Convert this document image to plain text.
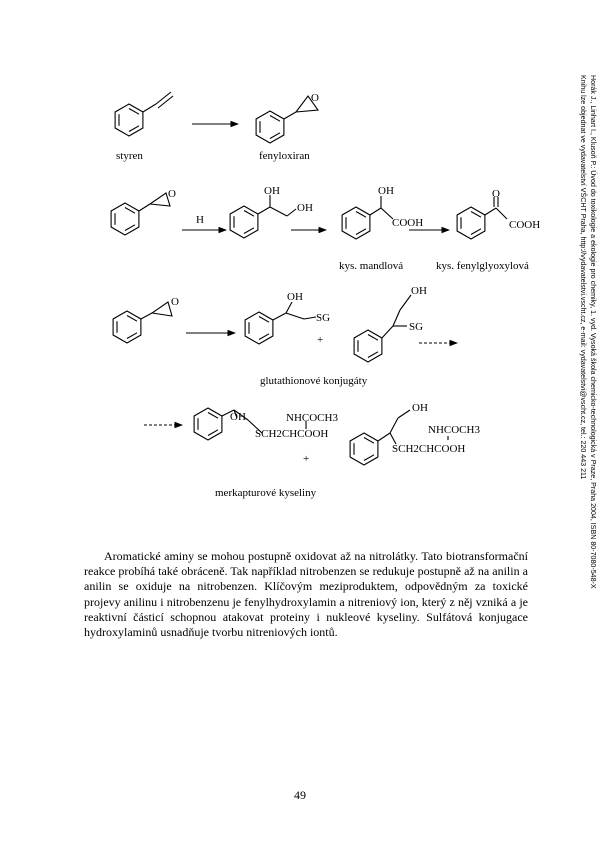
O
styren	fenyloxiran
O
H
OH
OH
OH
COOH
O
COOH
kys. mandlová	kys. fenylglyoxylová
O	OH
SG
+
OH
SG
glutathionové konjugáty
OH
SCH2CHCOOH
NHCOCH3
+
OH
SCH2CHCOOH
NHCOCH3
merkapturové kyseliny

Aromatické aminy se mohou postupně oxidovat až na nitrolátky. Tato biotransformační reakce probíhá také obráceně. Tak například nitrobenzen se redukuje postupně až na anilin a anilin se oxiduje na nitrobenzen. Klíčovým meziproduktem, odpovědným za toxické projevy anilinu i nitrobenzenu je fenylhydroxylamin a nitreniový ion, který z něj vzniká a je reaktivní částicí schopnou atakovat proteiny i nukleové kyseliny. Sulfátová konjugace hydroxylaminů usnadňuje tvorbu nitreniových iontů.

49

Horák J., Linhart I., Klusoň P.: Úvod do toxikologie a ekologie pro chemiky, 1. vyd. Vysoká škola chemicko-technologická v Praze, Praha 2004, ISBN 80-7080-548-X
Knihu lze objednat ve vydavatelství VŠCHT Praha, http://vydavatelstvi.vscht.cz, e-mail: vydavatelstvi@vscht.cz, tel.: 220 443 211
